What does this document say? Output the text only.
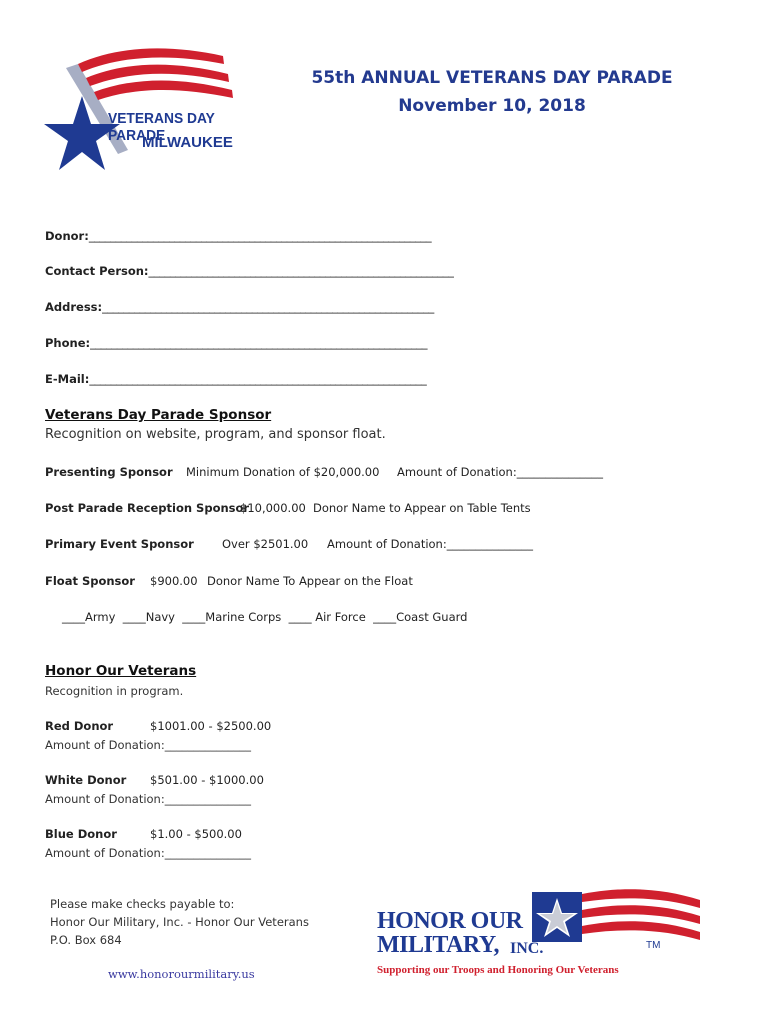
VETERANS DAY PARADE
MILWAUKEE
55th ANNUAL VETERANS DAY PARADE
November 10, 2018
Donor:________________________________________________________________
Contact Person:_________________________________________________________
Address:______________________________________________________________
Phone:_______________________________________________________________
E-Mail:_______________________________________________________________
Veterans Day Parade Sponsor
Recognition on website, program, and sponsor float.
Presenting Sponsor Minimum Donation of $20,000.00 Amount of Donation:_______________
Post Parade Reception Sponsor
$10,000.00 Donor Name to Appear on Table Tents
Primary Event Sponsor Over $2501.00 Amount of Donation:_______________
Float Sponsor $900.00 Donor Name To Appear on the Float
____Army  ____Navy  ____Marine Corps  ____ Air Force  ____Coast Guard
Honor Our Veterans
Recognition in program.
Red Donor	$1001.00 - $2500.00
Amount of Donation:_______________
White Donor $501.00 - $1000.00
Amount of Donation:_______________
Blue Donor	$1.00 - $500.00
Amount of Donation:_______________
Please make checks payable to:
Honor Our Military, Inc. - Honor Our Veterans
P.O. Box 684
www.honorourmilitary.us
HONOR OUR
MILITARY, INC.	TM
Supporting our Troops and Honoring Our Veterans
